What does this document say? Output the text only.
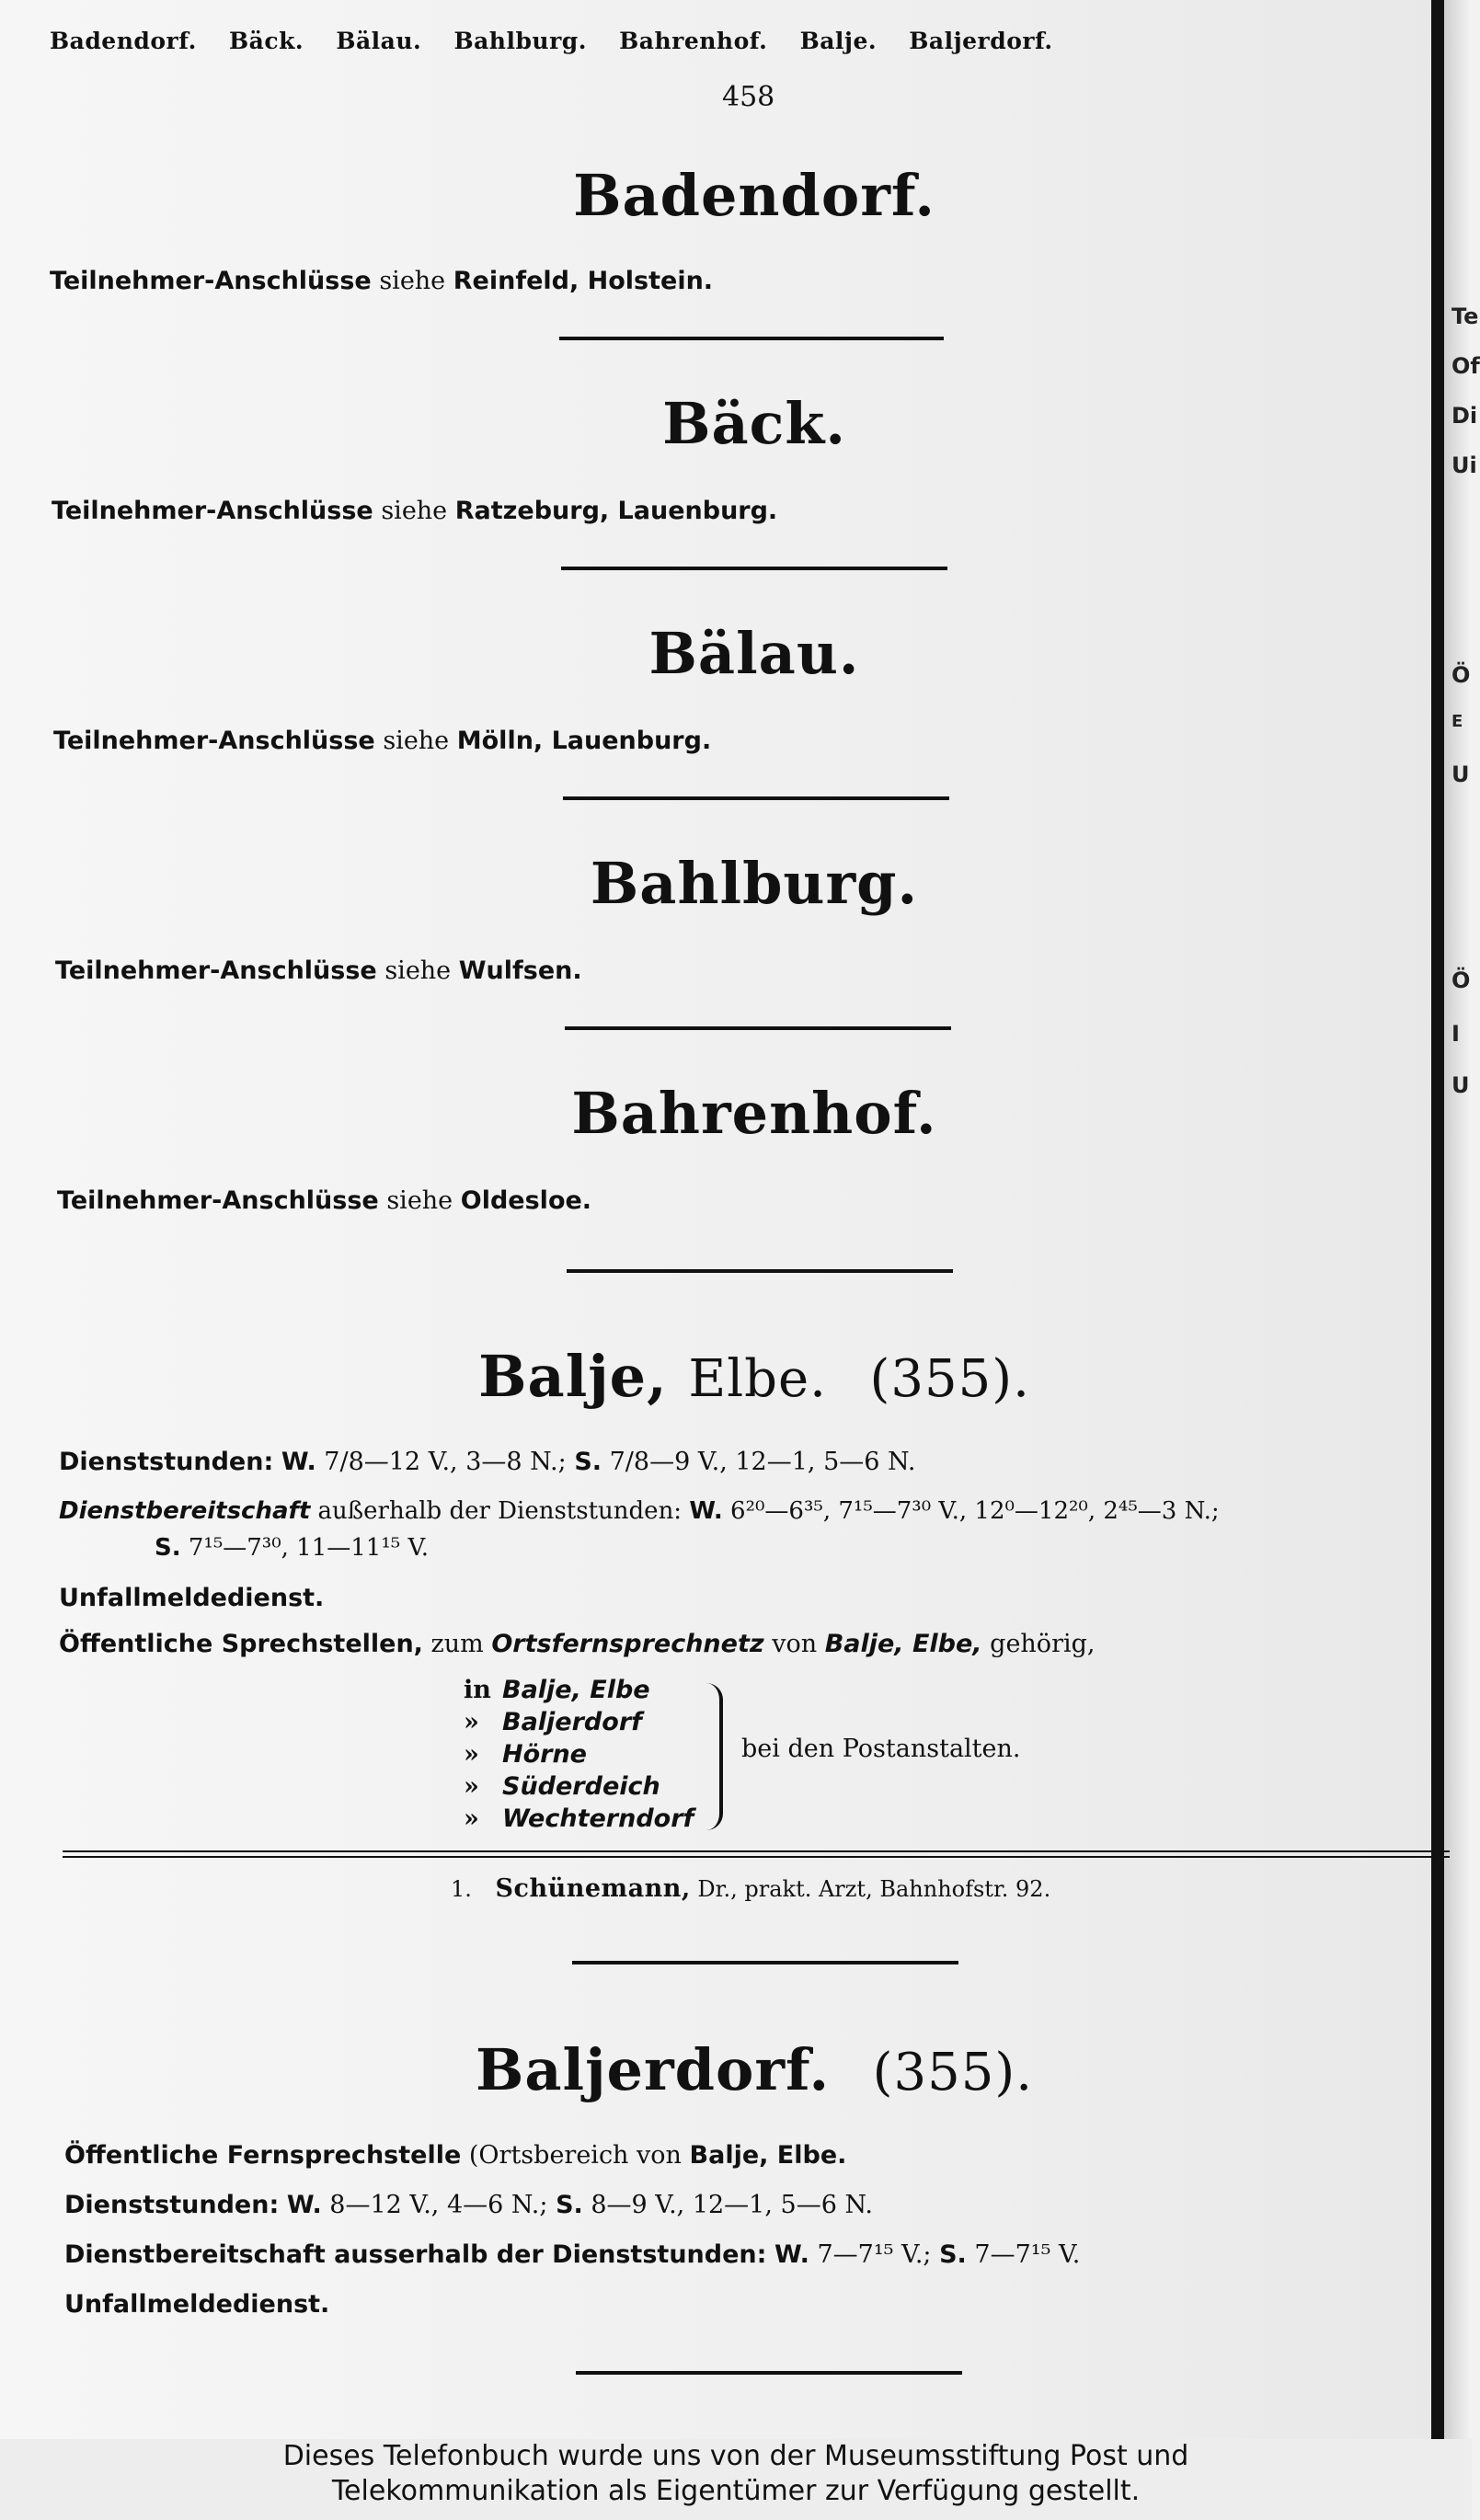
Te
Of
Di
Ui
Ö
E
U
Ö
I
U
Badendorf. Bäck. Bälau. Bahlburg. Bahrenhof. Balje. Baljerdorf.
458
Badendorf.
Teilnehmer-Anschlüsse siehe Reinfeld, Holstein.
Bäck.
Teilnehmer-Anschlüsse siehe Ratzeburg, Lauenburg.
Bälau.
Teilnehmer-Anschlüsse siehe Mölln, Lauenburg.
Bahlburg.
Teilnehmer-Anschlüsse siehe Wulfsen.
Bahrenhof.
Teilnehmer-Anschlüsse siehe Oldesloe.
Balje, Elbe. (355).
Dienststunden: W. 7/8—12 V., 3—8 N.; S. 7/8—9 V., 12—1, 5—6 N.
Dienstbereitschaft außerhalb der Dienststunden: W. 6²⁰—6³⁵, 7¹⁵—7³⁰ V., 12⁰—12²⁰, 2⁴⁵—3 N.;
S. 7¹⁵—7³⁰, 11—11¹⁵ V.
Unfallmeldedienst.
Öffentliche Sprechstellen, zum Ortsfernsprechnetz von Balje, Elbe, gehörig,
in Balje, Elbe
» Baljerdorf
» Hörne
» Süderdeich
» Wechterndorf
bei den Postanstalten.
1. Schünemann, Dr., prakt. Arzt, Bahnhofstr. 92.
Baljerdorf. (355).
Öffentliche Fernsprechstelle (Ortsbereich von Balje, Elbe.
Dienststunden: W. 8—12 V., 4—6 N.; S. 8—9 V., 12—1, 5—6 N.
Dienstbereitschaft ausserhalb der Dienststunden: W. 7—7¹⁵ V.; S. 7—7¹⁵ V.
Unfallmeldedienst.
Dieses Telefonbuch wurde uns von der Museumsstiftung Post und
Telekommunikation als Eigentümer zur Verfügung gestellt.
